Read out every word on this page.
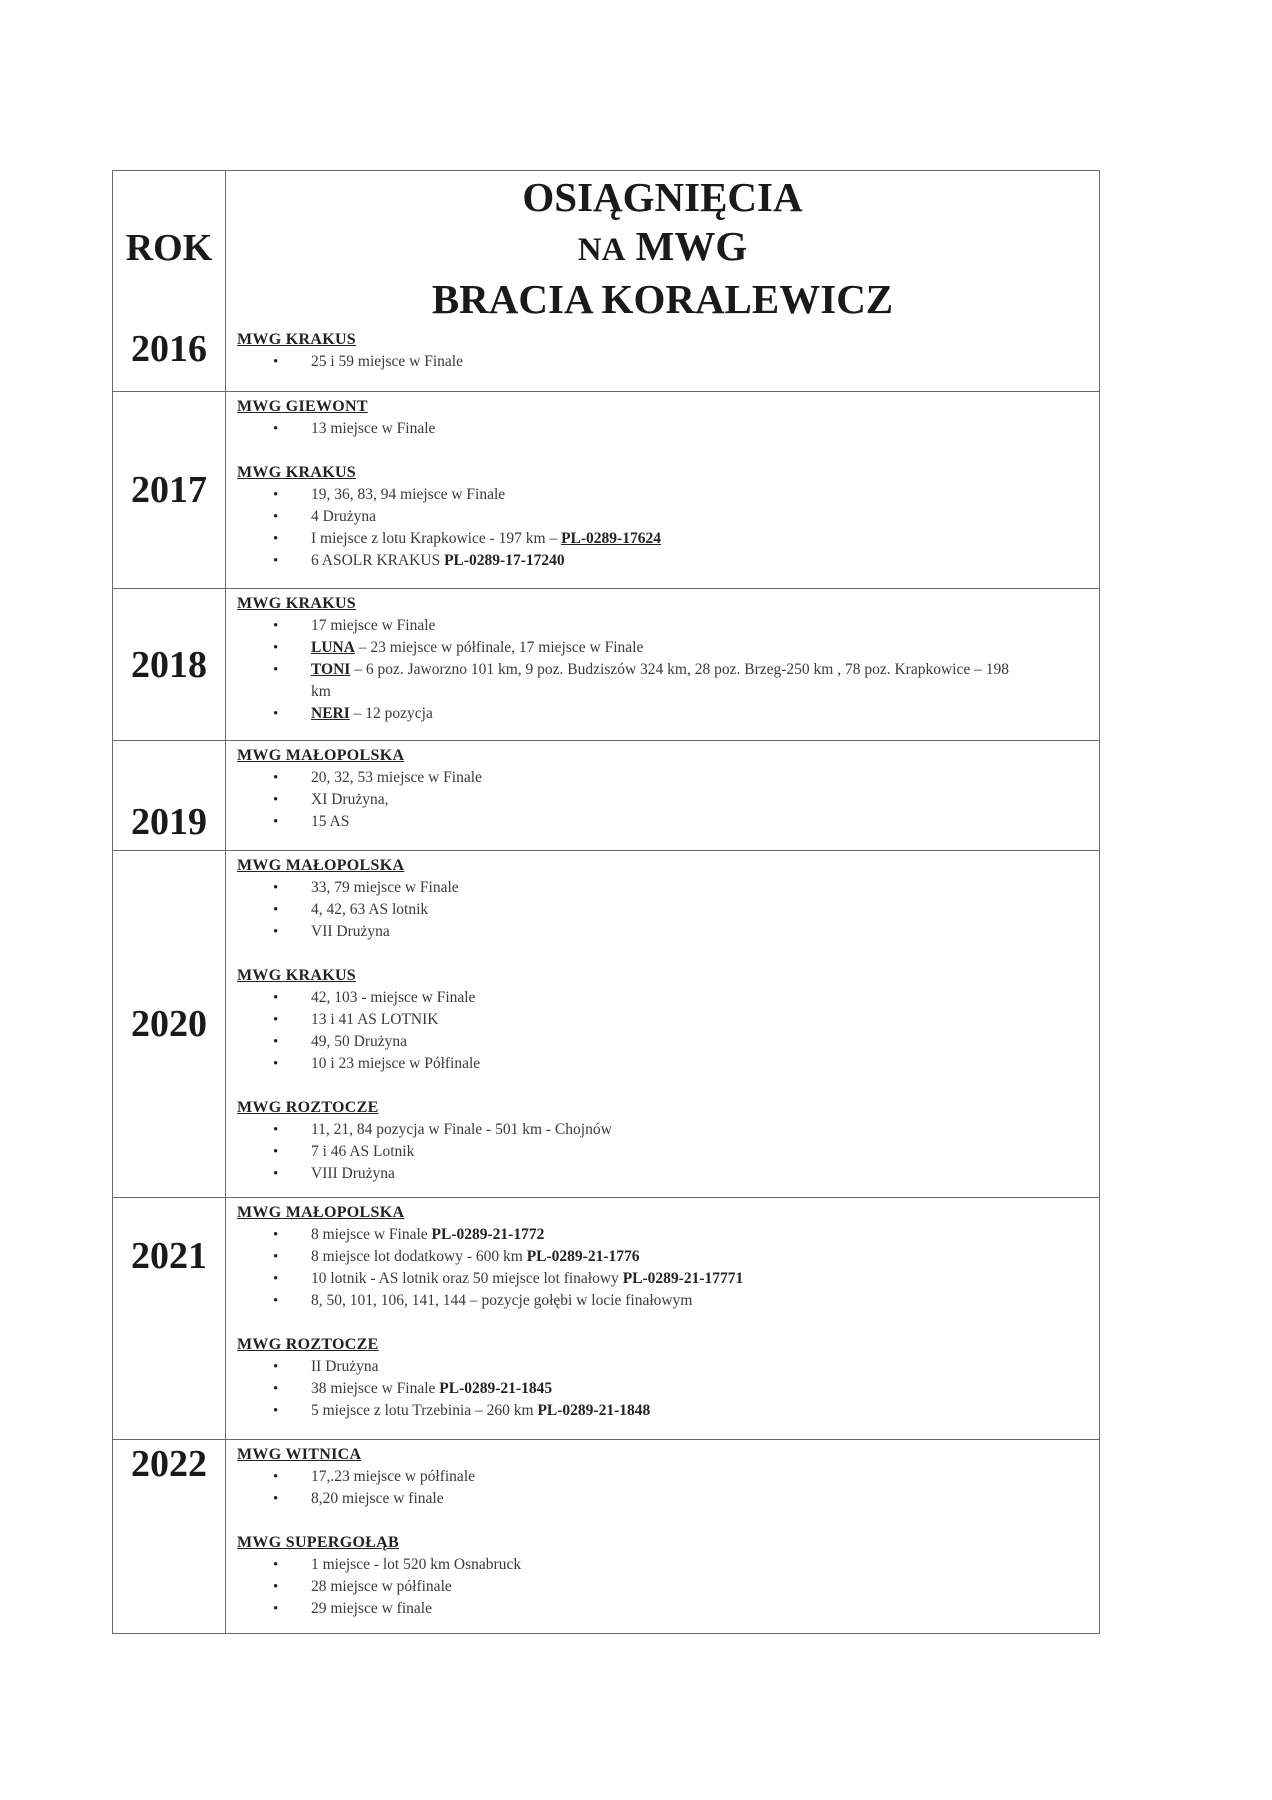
ROK
OSIĄGNIĘCIA
NA MWG
BRACIA KORALEWICZ
2016	MWG KRAKUS
• 25 i 59 miejsce w Finale
2017
MWG GIEWONT
• 13 miejsce w Finale
MWG KRAKUS
• 19, 36, 83, 94 miejsce w Finale
• 4 Drużyna
• I miejsce z lotu Krapkowice - 197 km – PL-0289-17624
• 6 ASOLR KRAKUS PL-0289-17-17240
2018
MWG KRAKUS
• 17 miejsce w Finale
• LUNA – 23 miejsce w półfinale, 17 miejsce w Finale
• TONI – 6 poz. Jaworzno 101 km, 9 poz. Budziszów 324 km, 28 poz. Brzeg-250 km , 78 poz. Krapkowice – 198 km
• NERI – 12 pozycja
2019
MWG MAŁOPOLSKA
• 20, 32, 53 miejsce w Finale
• XI Drużyna,
• 15 AS
2020
MWG MAŁOPOLSKA
• 33, 79 miejsce w Finale
• 4, 42, 63 AS lotnik
• VII Drużyna
MWG KRAKUS
• 42, 103 - miejsce w Finale
• 13 i 41 AS LOTNIK
• 49, 50 Drużyna
• 10 i 23 miejsce w Półfinale
MWG ROZTOCZE
• 11, 21, 84 pozycja w Finale - 501 km - Chojnów
• 7 i 46 AS Lotnik
• VIII Drużyna
2021
MWG MAŁOPOLSKA
• 8 miejsce w Finale PL-0289-21-1772
• 8 miejsce lot dodatkowy - 600 km PL-0289-21-1776
• 10 lotnik - AS lotnik oraz 50 miejsce lot finałowy PL-0289-21-17771
• 8, 50, 101, 106, 141, 144 – pozycje gołębi w locie finałowym
MWG ROZTOCZE
• II Drużyna
• 38 miejsce w Finale PL-0289-21-1845
• 5 miejsce z lotu Trzebinia – 260 km PL-0289-21-1848
2022	MWG WITNICA
• 17,.23 miejsce w półfinale
• 8,20 miejsce w finale
MWG SUPERGOŁĄB
• 1 miejsce - lot 520 km Osnabruck
• 28 miejsce w półfinale
• 29 miejsce w finale
